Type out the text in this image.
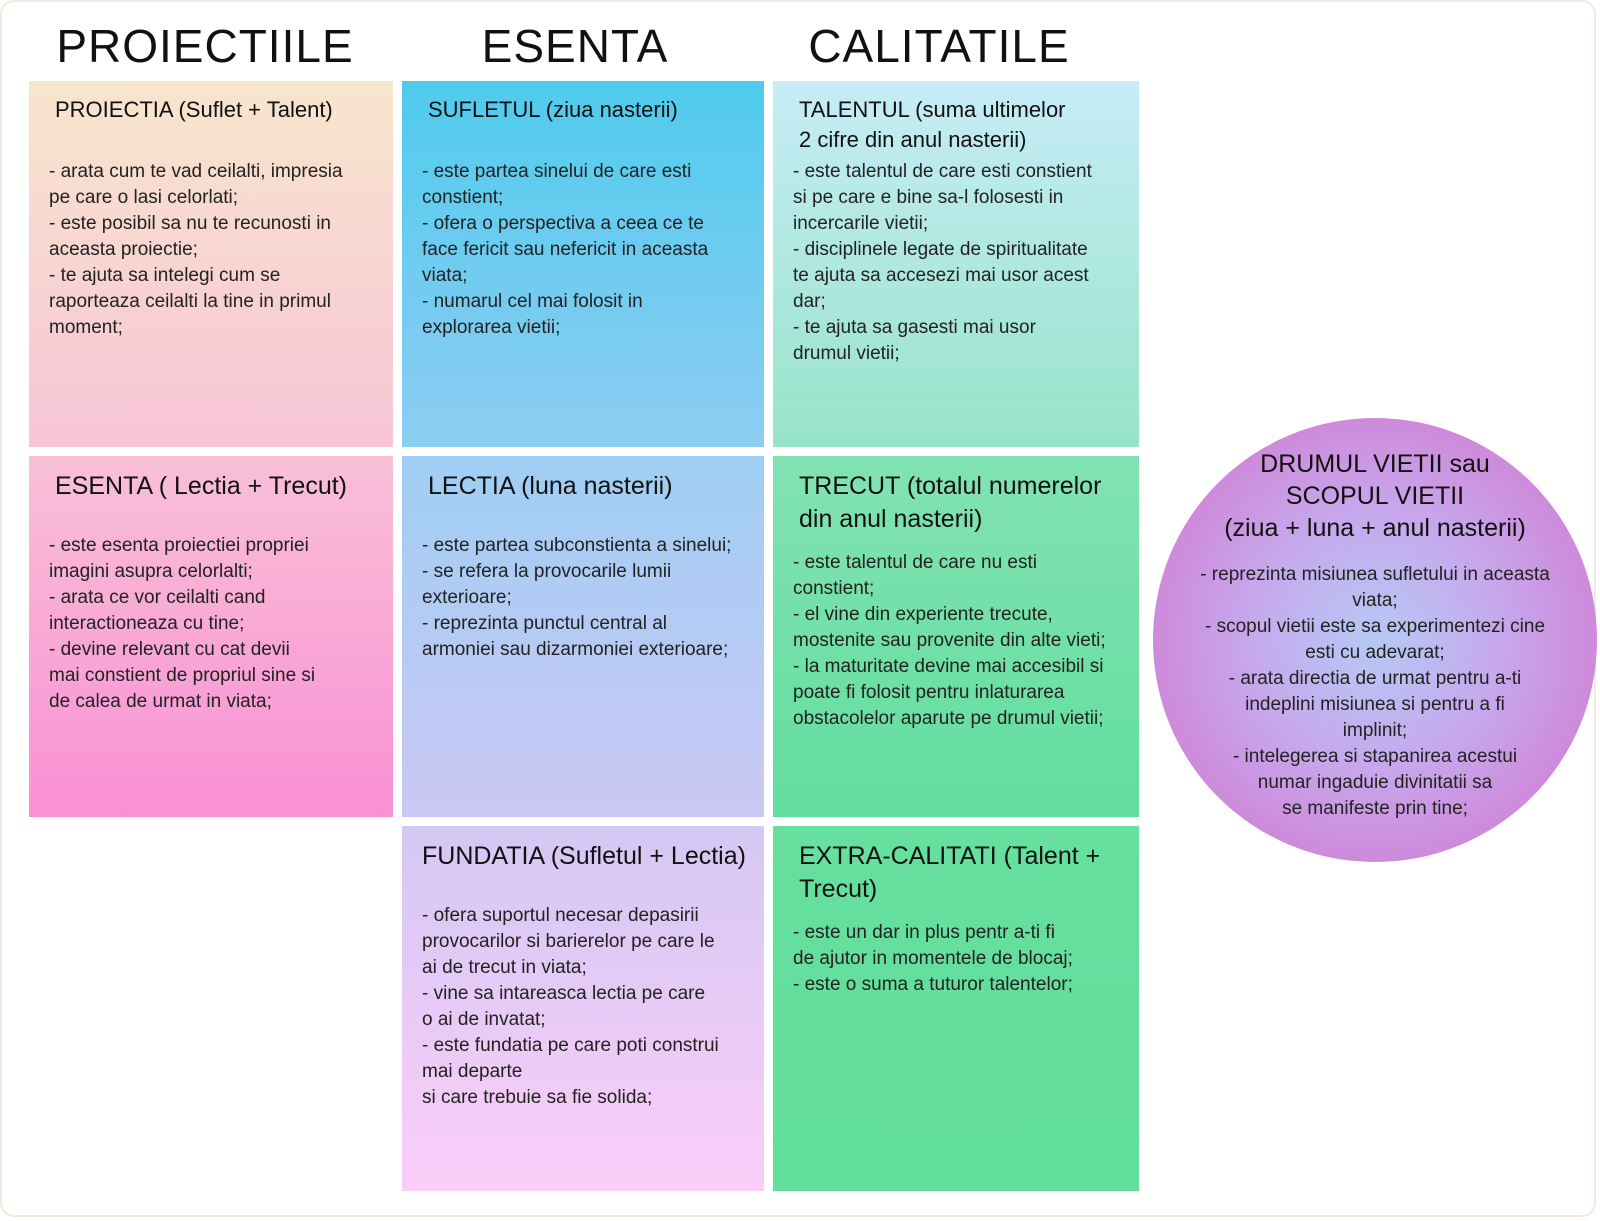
PROIECTIILE	ESENTA	CALITATILE
PROIECTIA (Suflet + Talent)
- arata cum te vad ceilalti, impresia
pe care o lasi celorlati;
- este posibil sa nu te recunosti in
aceasta proiectie;
- te ajuta sa intelegi cum se
raporteaza ceilalti la tine in primul
moment;
SUFLETUL (ziua nasterii)
- este partea sinelui de care esti
constient;
- ofera o perspectiva a ceea ce te
face fericit sau nefericit in aceasta
viata;
- numarul cel mai folosit in
explorarea vietii;
TALENTUL (suma ultimelor
2 cifre din anul nasterii)
- este talentul de care esti constient
si pe care e bine sa-l folosesti in
incercarile vietii;
- disciplinele legate de spiritualitate
te ajuta sa accesezi mai usor acest
dar;
- te ajuta sa gasesti mai usor
drumul vietii;
ESENTA ( Lectia + Trecut)
- este esenta proiectiei propriei
imagini asupra celorlalti;
- arata ce vor ceilalti cand
interactioneaza cu tine;
- devine relevant cu cat devii
mai constient de propriul sine si
de calea de urmat in viata;
LECTIA (luna nasterii)
- este partea subconstienta a sinelui;
- se refera la provocarile lumii
exterioare;
- reprezinta punctul central al
armoniei sau dizarmoniei exterioare;
TRECUT (totalul numerelor
din anul nasterii)
- este talentul de care nu esti
constient;
- el vine din experiente trecute,
mostenite sau provenite din alte vieti;
- la maturitate devine mai accesibil si
poate fi folosit pentru inlaturarea
obstacolelor aparute pe drumul vietii;
FUNDATIA (Sufletul + Lectia)
- ofera suportul necesar depasirii
provocarilor si barierelor pe care le
ai de trecut in viata;
- vine sa intareasca lectia pe care
o ai de invatat;
- este fundatia pe care poti construi
mai departe
si care trebuie sa fie solida;
EXTRA-CALITATI (Talent +
Trecut)
- este un dar in plus pentr a-ti fi
de ajutor in momentele de blocaj;
- este o suma a tuturor talentelor;
DRUMUL VIETII sau
SCOPUL VIETII
(ziua + luna + anul nasterii)
- reprezinta misiunea sufletului in aceasta
viata;
- scopul vietii este sa experimentezi cine
esti cu adevarat;
- arata directia de urmat pentru a-ti
indeplini misiunea si pentru a fi
implinit;
- intelegerea si stapanirea acestui
numar ingaduie divinitatii sa
se manifeste prin tine;
